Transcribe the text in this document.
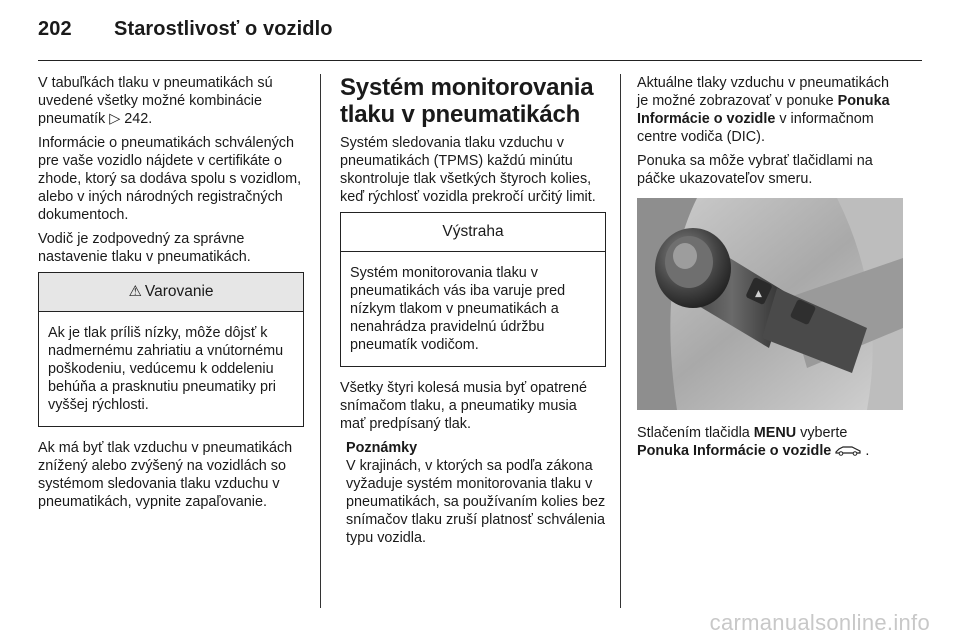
202 Starostlivosť o vozidlo

V tabuľkách tlaku v pneumatikách sú uvedené všetky možné kombinácie pneumatík ▷ 242.

Informácie o pneumatikách schválených pre vaše vozidlo nájdete v certifikáte o zhode, ktorý sa dodáva spolu s vozidlom, alebo v iných národných registračných dokumentoch.

Vodič je zodpovedný za správne nastavenie tlaku v pneumatikách.

⚠ Varovanie
Ak je tlak príliš nízky, môže dôjsť k nadmernému zahriatiu a vnútornému poškodeniu, vedúcemu k oddeleniu behúňa a prasknutiu pneumatiky pri vyššej rýchlosti.

Ak má byť tlak vzduchu v pneumatikách znížený alebo zvýšený na vozidlách so systémom sledovania tlaku vzduchu v pneumatikách, vypnite zapaľovanie.

Systém monitorovania tlaku v pneumatikách

Systém sledovania tlaku vzduchu v pneumatikách (TPMS) každú minútu skontroluje tlak všetkých štyroch kolies, keď rýchlosť vozidla prekročí určitý limit.

Výstraha
Systém monitorovania tlaku v pneumatikách vás iba varuje pred nízkym tlakom v pneumatikách a nenahrádza pravidelnú údržbu pneumatík vodičom.

Všetky štyri kolesá musia byť opatrené snímačom tlaku, a pneumatiky musia mať predpísaný tlak.

Poznámky
V krajinách, v ktorých sa podľa zákona vyžaduje systém monitorovania tlaku v pneumatikách, sa používaním kolies bez snímačov tlaku zruší platnosť schválenia typu vozidla.

Aktuálne tlaky vzduchu v pneumatikách je možné zobrazovať v ponuke Ponuka Informácie o vozidle v informačnom centre vodiča (DIC).

Ponuka sa môže vybrať tlačidlami na páčke ukazovateľov smeru.

▲

Stlačením tlačidla MENU vyberte
Ponuka Informácie o vozidle .

carmanualsonline.info
